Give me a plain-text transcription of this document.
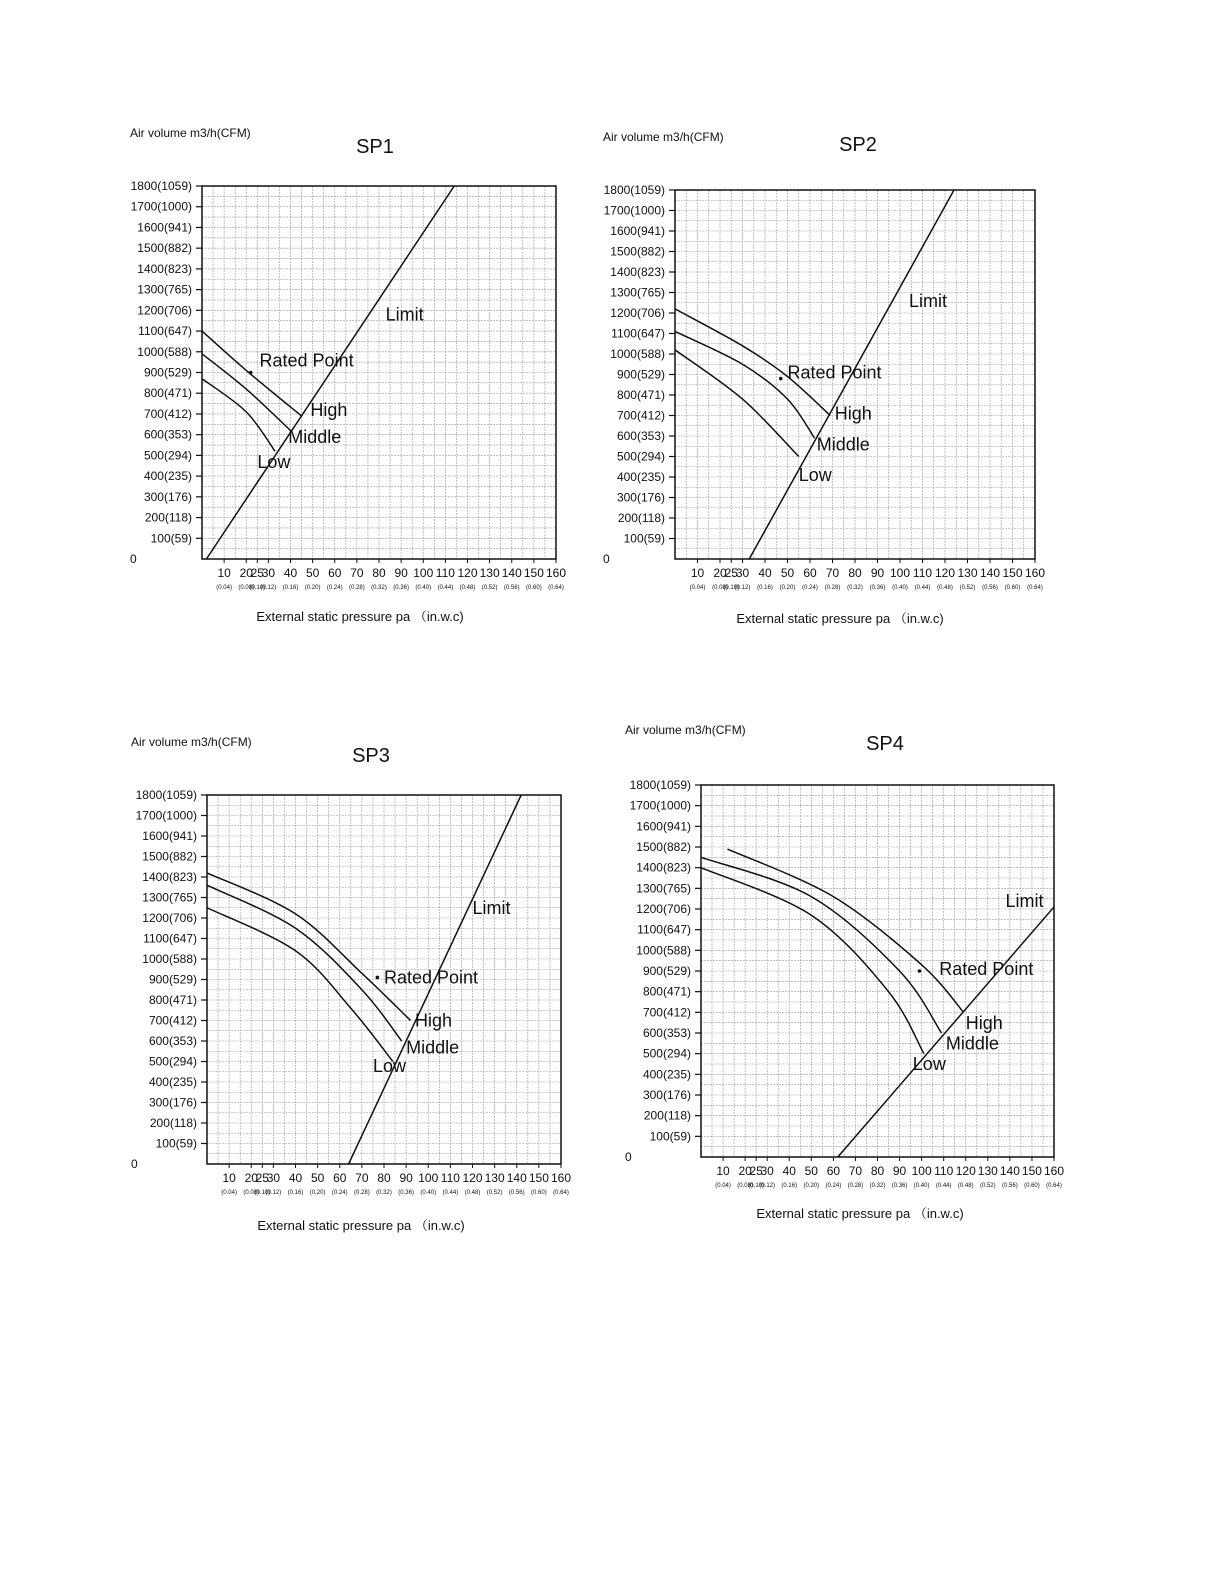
Air volume m3/h(CFM)
SP1
External static pressure pa （in.w.c)
0
100(59)
200(118)
300(176)
400(235)
500(294)
600(353)
700(412)
800(471)
900(529)
1000(588)
1100(647)
1200(706)
1300(765)
1400(823)
1500(882)
1600(941)
1700(1000)
1800(1059)
10
(0.04)
20
(0.08)
25
(0.10)
30
(0.12)
40
(0.16)
50
(0.20)
60
(0.24)
70
(0.28)
80
(0.32)
90
(0.36)
100
(0.40)
110
(0.44)
120
(0.48)
130
(0.52)
140
(0.56)
150
(0.60)
160
(0.64)
Rated Point
Limit
High
Middle
Low
Air volume m3/h(CFM)	SP2
External static pressure pa （in.w.c)
0
100(59)
200(118)
300(176)
400(235)
500(294)
600(353)
700(412)
800(471)
900(529)
1000(588)
1100(647)
1200(706)
1300(765)
1400(823)
1500(882)
1600(941)
1700(1000)
1800(1059)
10
(0.04)
20
(0.08)
25
(0.10)
30
(0.12)
40
(0.16)
50
(0.20)
60
(0.24)
70
(0.28)
80
(0.32)
90
(0.36)
100
(0.40)
110
(0.44)
120
(0.48)
130
(0.52)
140
(0.56)
150
(0.60)
160
(0.64)
Rated Point
Limit
High
Middle
Low
Air volume m3/h(CFM)
SP3
External static pressure pa （in.w.c)
0
100(59)
200(118)
300(176)
400(235)
500(294)
600(353)
700(412)
800(471)
900(529)
1000(588)
1100(647)
1200(706)
1300(765)
1400(823)
1500(882)
1600(941)
1700(1000)
1800(1059)
10
(0.04)
20
(0.08)
25
(0.10)
30
(0.12)
40
(0.16)
50
(0.20)
60
(0.24)
70
(0.28)
80
(0.32)
90
(0.36)
100
(0.40)
110
(0.44)
120
(0.48)
130
(0.52)
140
(0.56)
150
(0.60)
160
(0.64)
Rated Point
Limit
High
Middle
Low
Air volume m3/h(CFM)
SP4
External static pressure pa （in.w.c)
0
100(59)
200(118)
300(176)
400(235)
500(294)
600(353)
700(412)
800(471)
900(529)
1000(588)
1100(647)
1200(706)
1300(765)
1400(823)
1500(882)
1600(941)
1700(1000)
1800(1059)
10
(0.04)
20
(0.08)
25
(0.10)
30
(0.12)
40
(0.16)
50
(0.20)
60
(0.24)
70
(0.28)
80
(0.32)
90
(0.36)
100
(0.40)
110
(0.44)
120
(0.48)
130
(0.52)
140
(0.56)
150
(0.60)
160
(0.64)
Rated Point
Limit
High
Middle
Low
